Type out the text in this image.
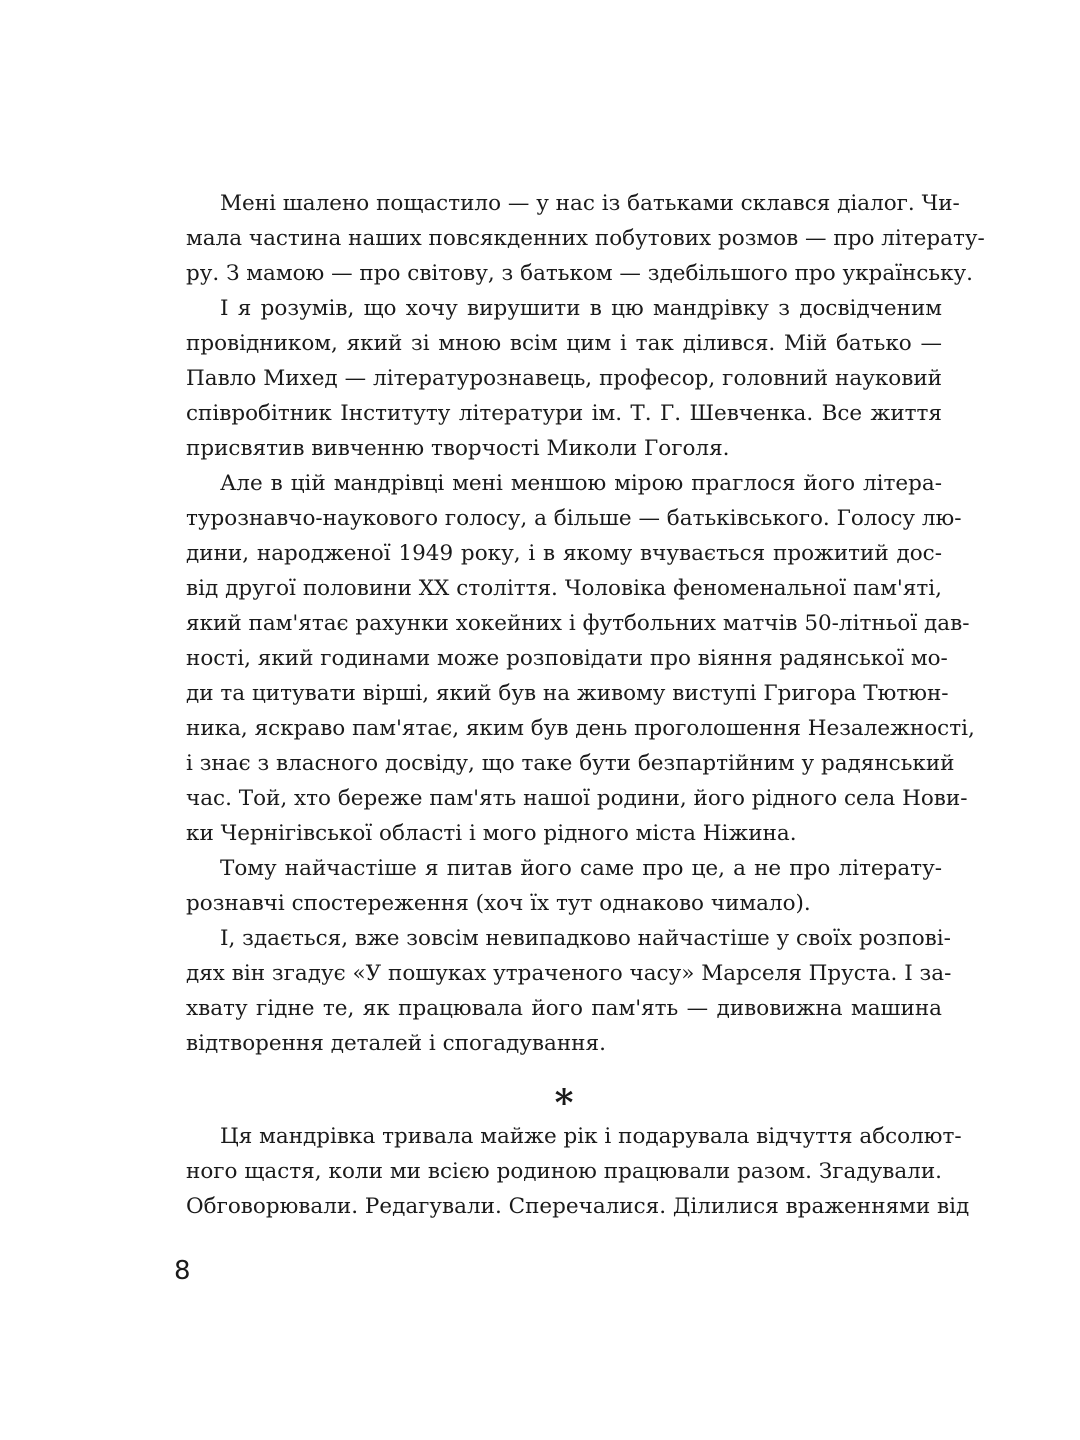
Мені шалено пощастило — у нас із батьками склався діалог. Чи-
мала частина наших повсякденних побутових розмов — про літерату-
ру. З мамою — про світову, з батьком — здебільшого про українську.
І я розумів, що хочу вирушити в цю мандрівку з досвідченим
провідником, який зі мною всім цим і так ділився. Мій батько —
Павло Михед — літературознавець, професор, головний науковий
співробітник Інституту літератури ім. Т. Г. Шевченка. Все життя
присвятив вивченню творчості Миколи Гоголя.
Але в цій мандрівці мені меншою мірою праглося його літера-
турознавчо-наукового голосу, а більше — батьківського. Голосу лю-
дини, народженої 1949 року, і в якому вчувається прожитий дос-
від другої половини XX століття. Чоловіка феноменальної пам'яті,
який пам'ятає рахунки хокейних і футбольних матчів 50-літньої дав-
ності, який годинами може розповідати про віяння радянської мо-
ди та цитувати вірші, який був на живому виступі Григора Тютюн-
ника, яскраво пам'ятає, яким був день проголошення Незалежності,
і знає з власного досвіду, що таке бути безпартійним у радянський
час. Той, хто береже пам'ять нашої родини, його рідного села Нови-
ки Чернігівської області і мого рідного міста Ніжина.
Тому найчастіше я питав його саме про це, а не про літерату-
рознавчі спостереження (хоч їх тут однаково чимало).
І, здається, вже зовсім невипадково найчастіше у своїх розпові-
дях він згадує «У пошуках утраченого часу» Марселя Пруста. І за-
хвату гідне те, як працювала його пам'ять — дивовижна машина
відтворення деталей і спогадування.
*
Ця мандрівка тривала майже рік і подарувала відчуття абсолют-
ного щастя, коли ми всією родиною працювали разом. Згадували.
Обговорювали. Редагували. Сперечалися. Ділилися враженнями від
8
